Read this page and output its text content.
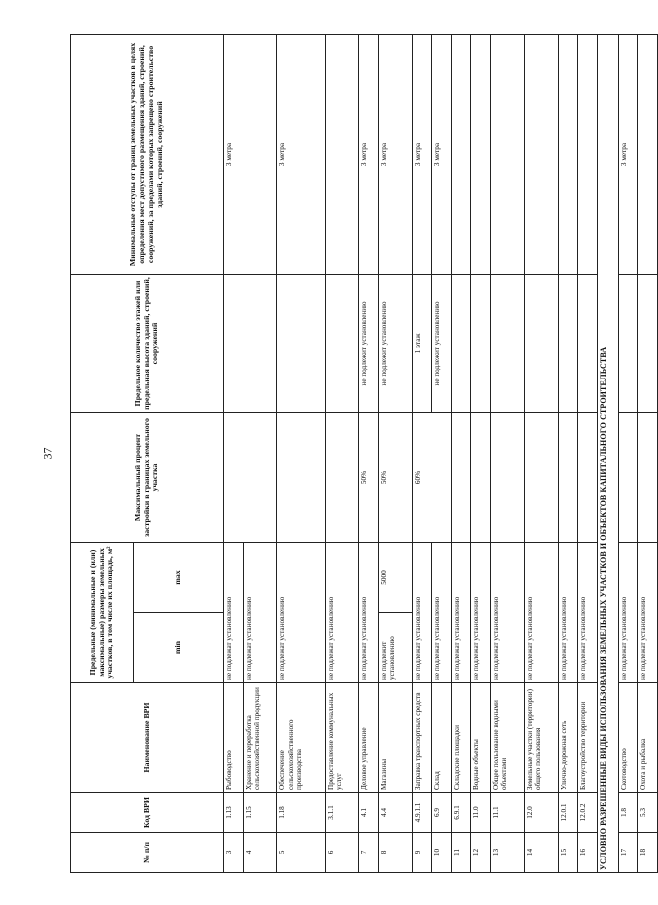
37
№ п/п	Код ВРИ	Наименование ВРИ	Предельные (минимальные и (или) максимальные) размеры земельных участков, в том числе их площадь, м²		Максимальный процент застройки в границах земельного участка	Предельное количество этажей или предельная высота зданий, строений, сооружений	Минимальные отступы от границ земельных участков в целях определения мест допустимого размещения зданий, строений, сооружений, за пределами которых запрещено строительство зданий, строений, сооружений
			min	max			
3	1.13	Рыбоводство	не подлежат установлению				3 метра
4	1.15	Хранение и переработка сельскохозяйственной продукции	не подлежат установлению				
5	1.18	Обеспечение сельскохозяйственного производства	не подлежат установлению				3 метра
6	3.1.1	Предоставление коммунальных услуг	не подлежат установлению				
7	4.1	Деловое управление	не подлежат установлению		50%	не подлежит установлению	3 метра
8	4.4	Магазины	не подлежит установлению	5000	50%	не подлежит установлению	3 метра
9	4.9.1.1	Заправка транспортных средств	не подлежат установлению		60%	1 этаж	3 метра
10	6.9	Склад	не подлежат установлению			не подлежит установлению	3 метра
11	6.9.1	Складские площадки	не подлежат установлению				
12	11.0	Водные объекты	не подлежат установлению				
13	11.1	Общее пользование водными объектами	не подлежат установлению				
14	12.0	Земельные участки (территории) общего пользования	не подлежат установлению				
15	12.0.1	Улично-дорожная сеть	не подлежат установлению				
16	12.0.2	Благоустройство территории	не подлежат установлению				
УСЛОВНО РАЗРЕШЕННЫЕ ВИДЫ ИСПОЛЬЗОВАНИЯ ЗЕМЕЛЬНЫХ УЧАСТКОВ И ОБЪЕКТОВ КАПИТАЛЬНОГО СТРОИТЕЛЬСТВА							
17	1.8	Скотоводство	не подлежат установлению				3 метра
18	5.3	Охота и рыбалка	не подлежат установлению				
